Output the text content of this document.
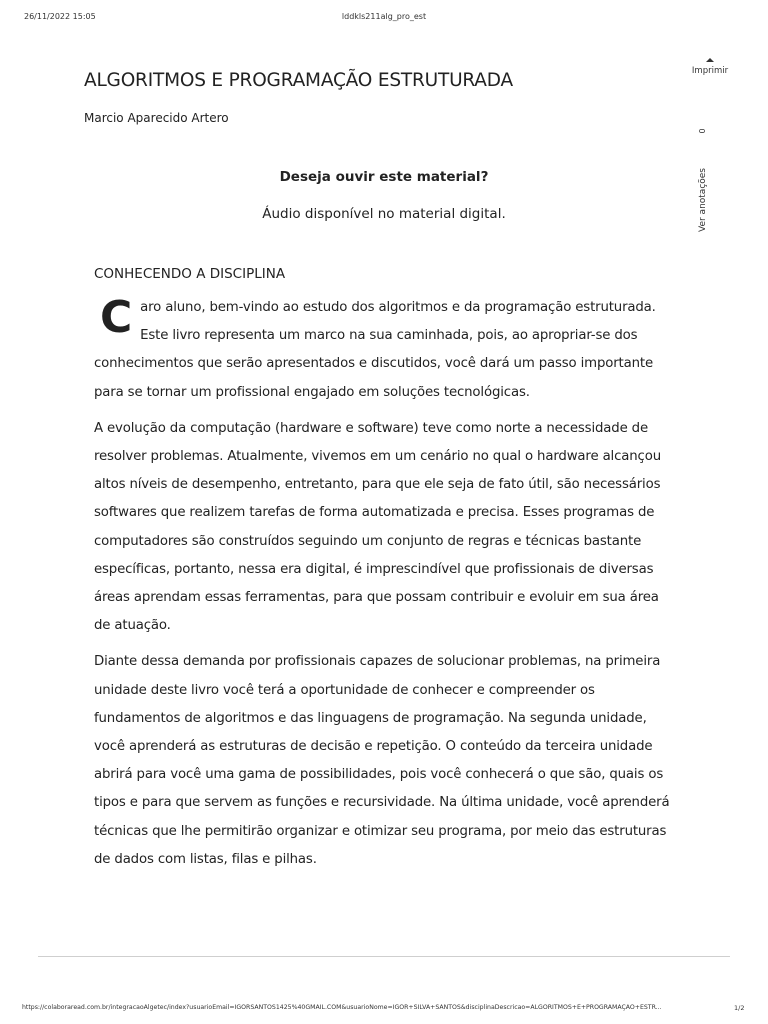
26/11/2022 15:05	lddkls211alg_pro_est
ALGORITMOS E PROGRAMAÇÃO ESTRUTURADA
Marcio Aparecido Artero
Imprimir
0
Ver anotações
Deseja ouvir este material?
Áudio disponível no material digital.
CONHECENDO A DISCIPLINA

Caro aluno, bem-vindo ao estudo dos algoritmos e da programação estruturada. Este livro representa um marco na sua caminhada, pois, ao apropriar-se dos conhecimentos que serão apresentados e discutidos, você dará um passo importante para se tornar um profissional engajado em soluções tecnológicas.

A evolução da computação (hardware e software) teve como norte a necessidade de resolver problemas. Atualmente, vivemos em um cenário no qual o hardware alcançou altos níveis de desempenho, entretanto, para que ele seja de fato útil, são necessários softwares que realizem tarefas de forma automatizada e precisa. Esses programas de computadores são construídos seguindo um conjunto de regras e técnicas bastante específicas, portanto, nessa era digital, é imprescindível que profissionais de diversas áreas aprendam essas ferramentas, para que possam contribuir e evoluir em sua área de atuação.

Diante dessa demanda por profissionais capazes de solucionar problemas, na primeira unidade deste livro você terá a oportunidade de conhecer e compreender os fundamentos de algoritmos e das linguagens de programação. Na segunda unidade, você aprenderá as estruturas de decisão e repetição. O conteúdo da terceira unidade abrirá para você uma gama de possibilidades, pois você conhecerá o que são, quais os tipos e para que servem as funções e recursividade. Na última unidade, você aprenderá técnicas que lhe permitirão organizar e otimizar seu programa, por meio das estruturas de dados com listas, filas e pilhas.

https://colaboraread.com.br/integracaoAlgetec/index?usuarioEmail=IGORSANTOS1425%40GMAIL.COM&usuarioNome=IGOR+SILVA+SANTOS&disciplinaDescricao=ALGORITMOS+E+PROGRAMAÇÃO+ESTR...	1/2
